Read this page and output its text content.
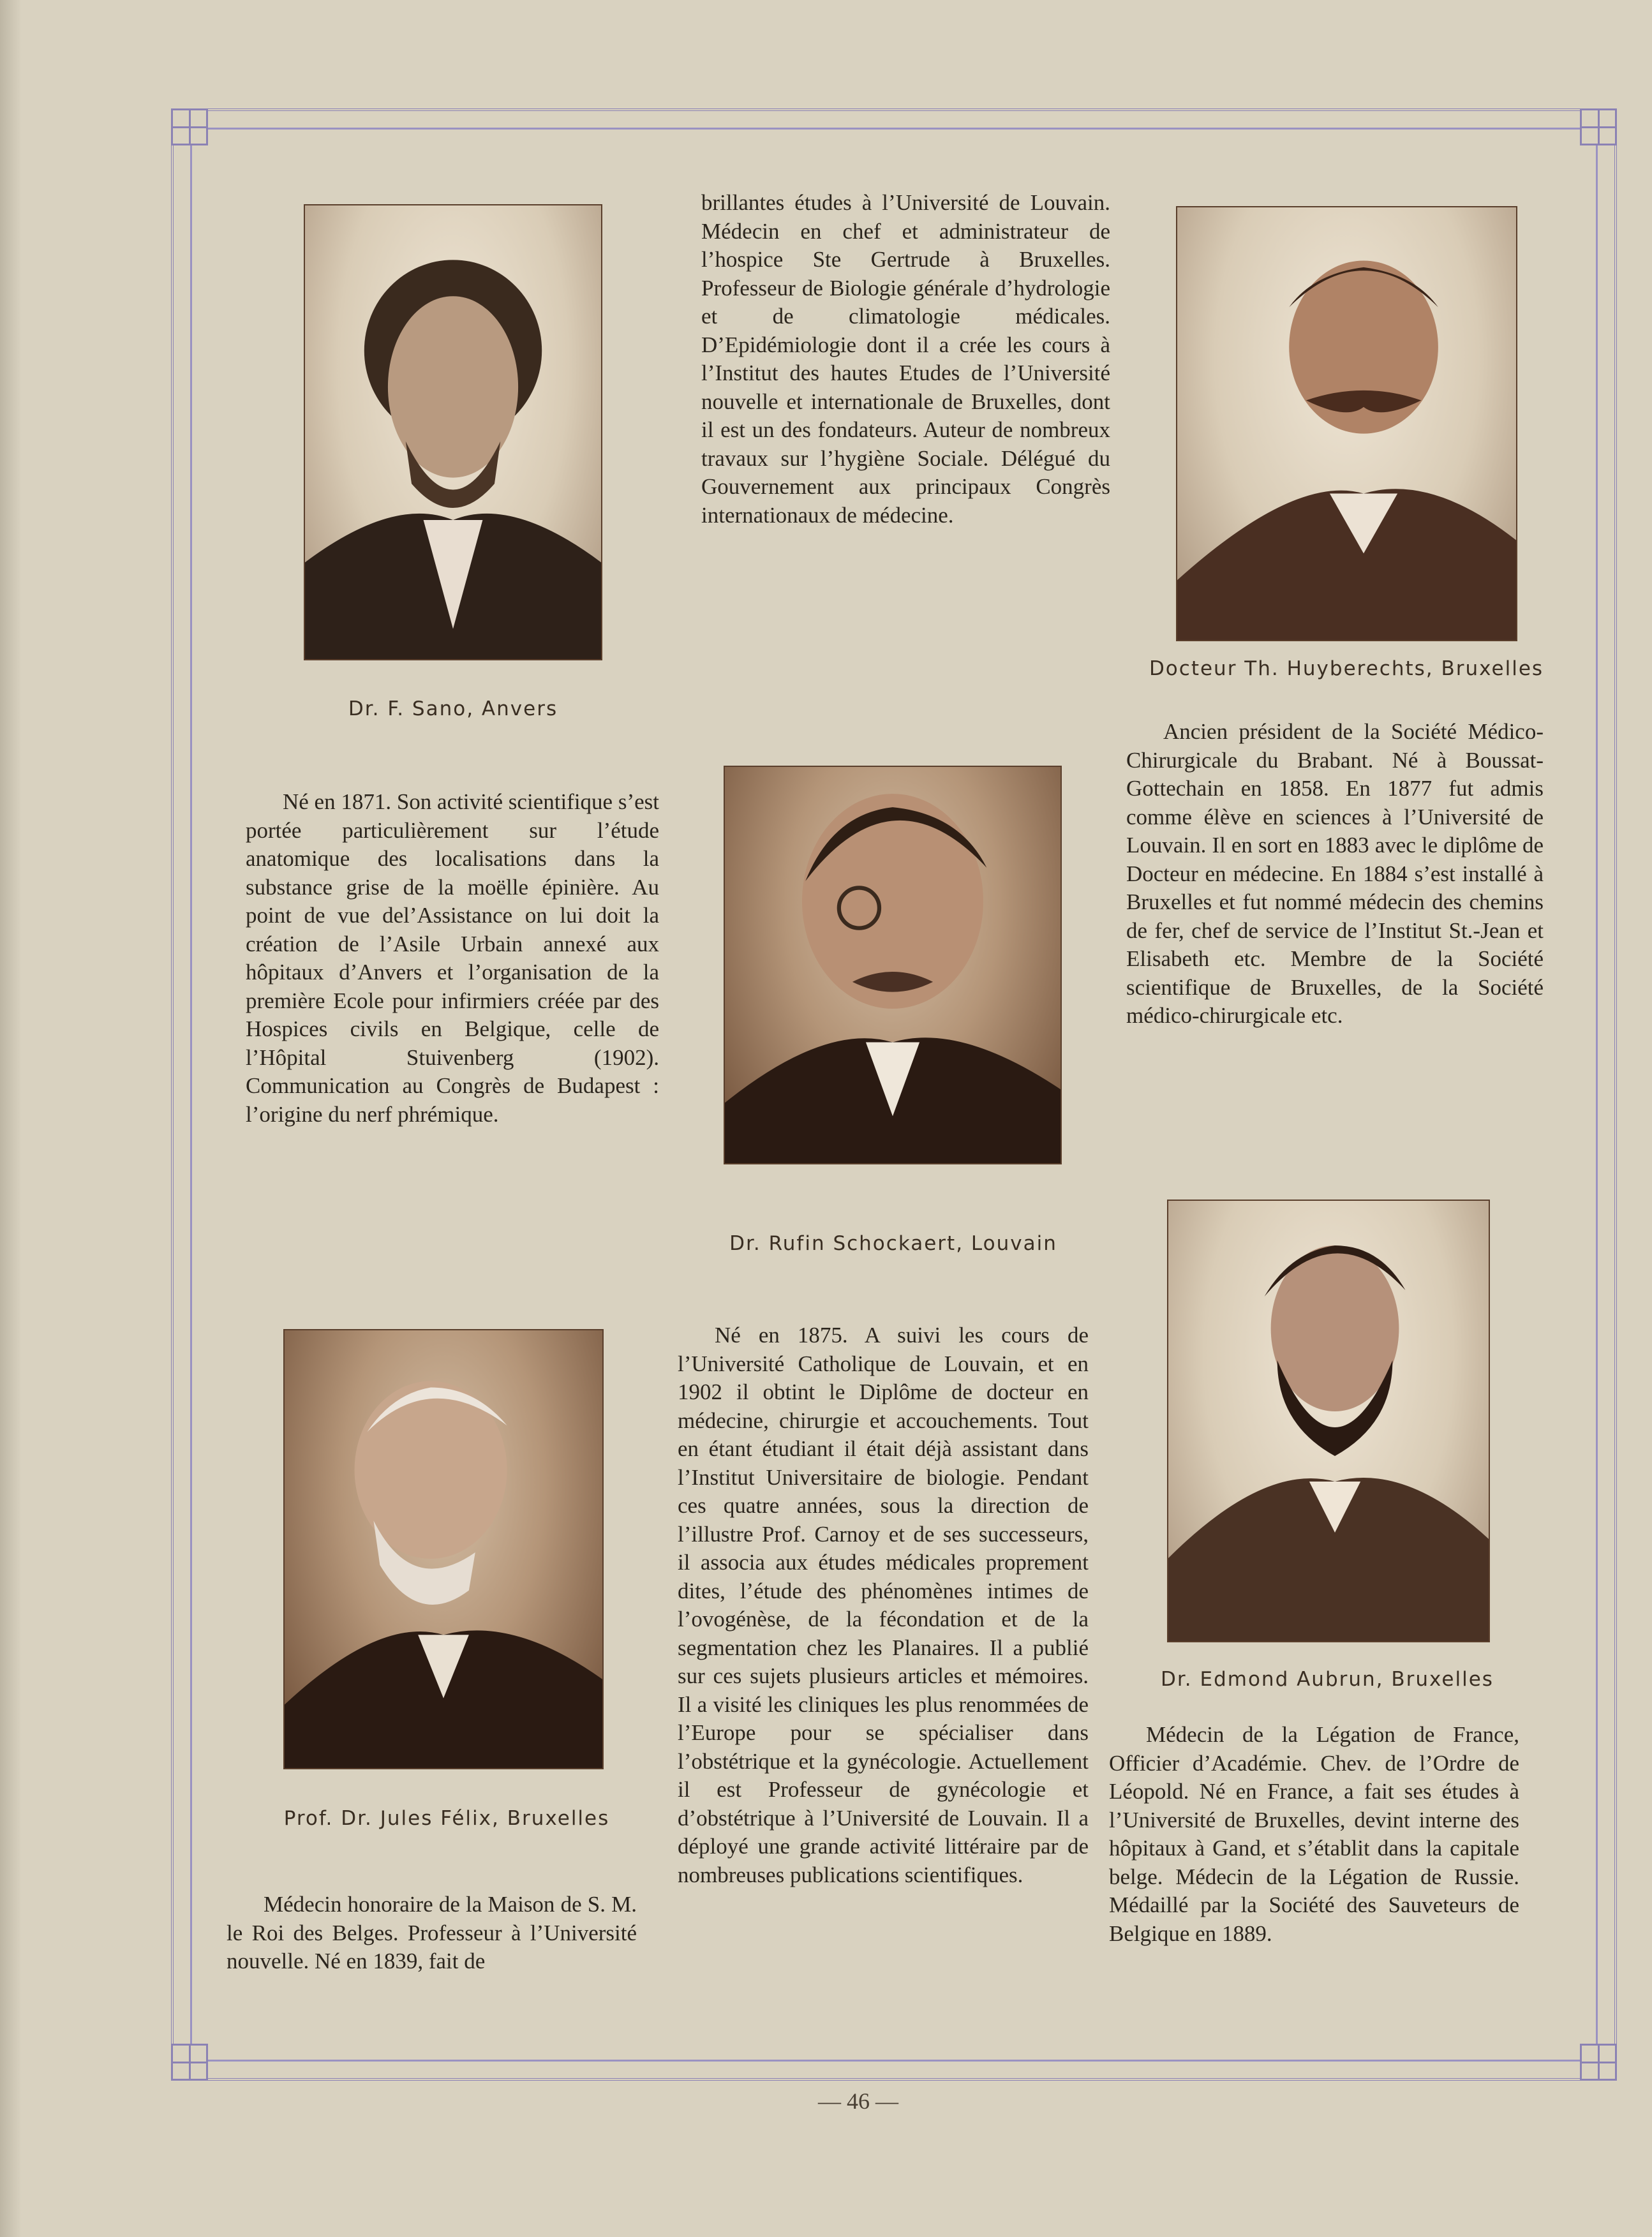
Dr. F. Sano, Anvers
Docteur Th. Huyberechts, Bruxelles
Dr. Rufin Schockaert, Louvain
Prof. Dr. Jules Félix, Bruxelles
Dr. Edmond Aubrun, Bruxelles

brillantes études à l’Université de Louvain. Médecin en chef et administrateur de l’hospice Ste Gertrude à Bruxelles. Professeur de Biologie générale d’hydrologie et de climatologie médicales. D’Epidémiologie dont il a crée les cours à l’Institut des hautes Etudes de l’Université nouvelle et internationale de Bruxelles, dont il est un des fondateurs. Auteur de nombreux travaux sur l’hygiène Sociale. Délégué du Gouvernement aux principaux Congrès internationaux de médecine.

Né en 1871. Son activité scientifique s’est portée particulièrement sur l’étude anatomique des localisations dans la substance grise de la moëlle épinière. Au point de vue del’Assistance on lui doit la création de l’Asile Urbain annexé aux hôpitaux d’Anvers et l’organisation de la première Ecole pour infirmiers créée par des Hospices civils en Belgique, celle de l’Hôpital Stuivenberg (1902). Communication au Congrès de Budapest : l’origine du nerf phrémique.

Ancien président de la Société Médico-Chirurgicale du Brabant. Né à Boussat-Gottechain en 1858. En 1877 fut admis comme élève en sciences à l’Université de Louvain. Il en sort en 1883 avec le diplôme de Docteur en médecine. En 1884 s’est installé à Bruxelles et fut nommé médecin des chemins de fer, chef de service de l’Institut St.-Jean et Elisabeth etc. Membre de la Société scientifique de Bruxelles, de la Société médico-chirurgicale etc.

Né en 1875. A suivi les cours de l’Université Catholique de Louvain, et en 1902 il obtint le Diplôme de docteur en médecine, chirurgie et accouchements. Tout en étant étudiant il était déjà assistant dans l’Institut Universitaire de biologie. Pendant ces quatre années, sous la direction de l’illustre Prof. Carnoy et de ses successeurs, il associa aux études médicales proprement dites, l’étude des phénomènes intimes de l’ovogénèse, de la fécondation et de la segmentation chez les Planaires. Il a publié sur ces sujets plusieurs articles et mémoires. Il a visité les cliniques les plus renommées de l’Europe pour se spécialiser dans l’obstétrique et la gynécologie. Actuellement il est Professeur de gynécologie et d’obstétrique à l’Université de Louvain. Il a déployé une grande activité littéraire par de nombreuses publications scientifiques.

Médecin honoraire de la Maison de S. M. le Roi des Belges. Professeur à l’Université nouvelle. Né en 1839, fait de

Médecin de la Légation de France, Officier d’Académie. Chev. de l’Ordre de Léopold. Né en France, a fait ses études à l’Université de Bruxelles, devint interne des hôpitaux à Gand, et s’établit dans la capitale belge. Médecin de la Légation de Russie. Médaillé par la Société des Sauveteurs de Belgique en 1889.

— 46 —
